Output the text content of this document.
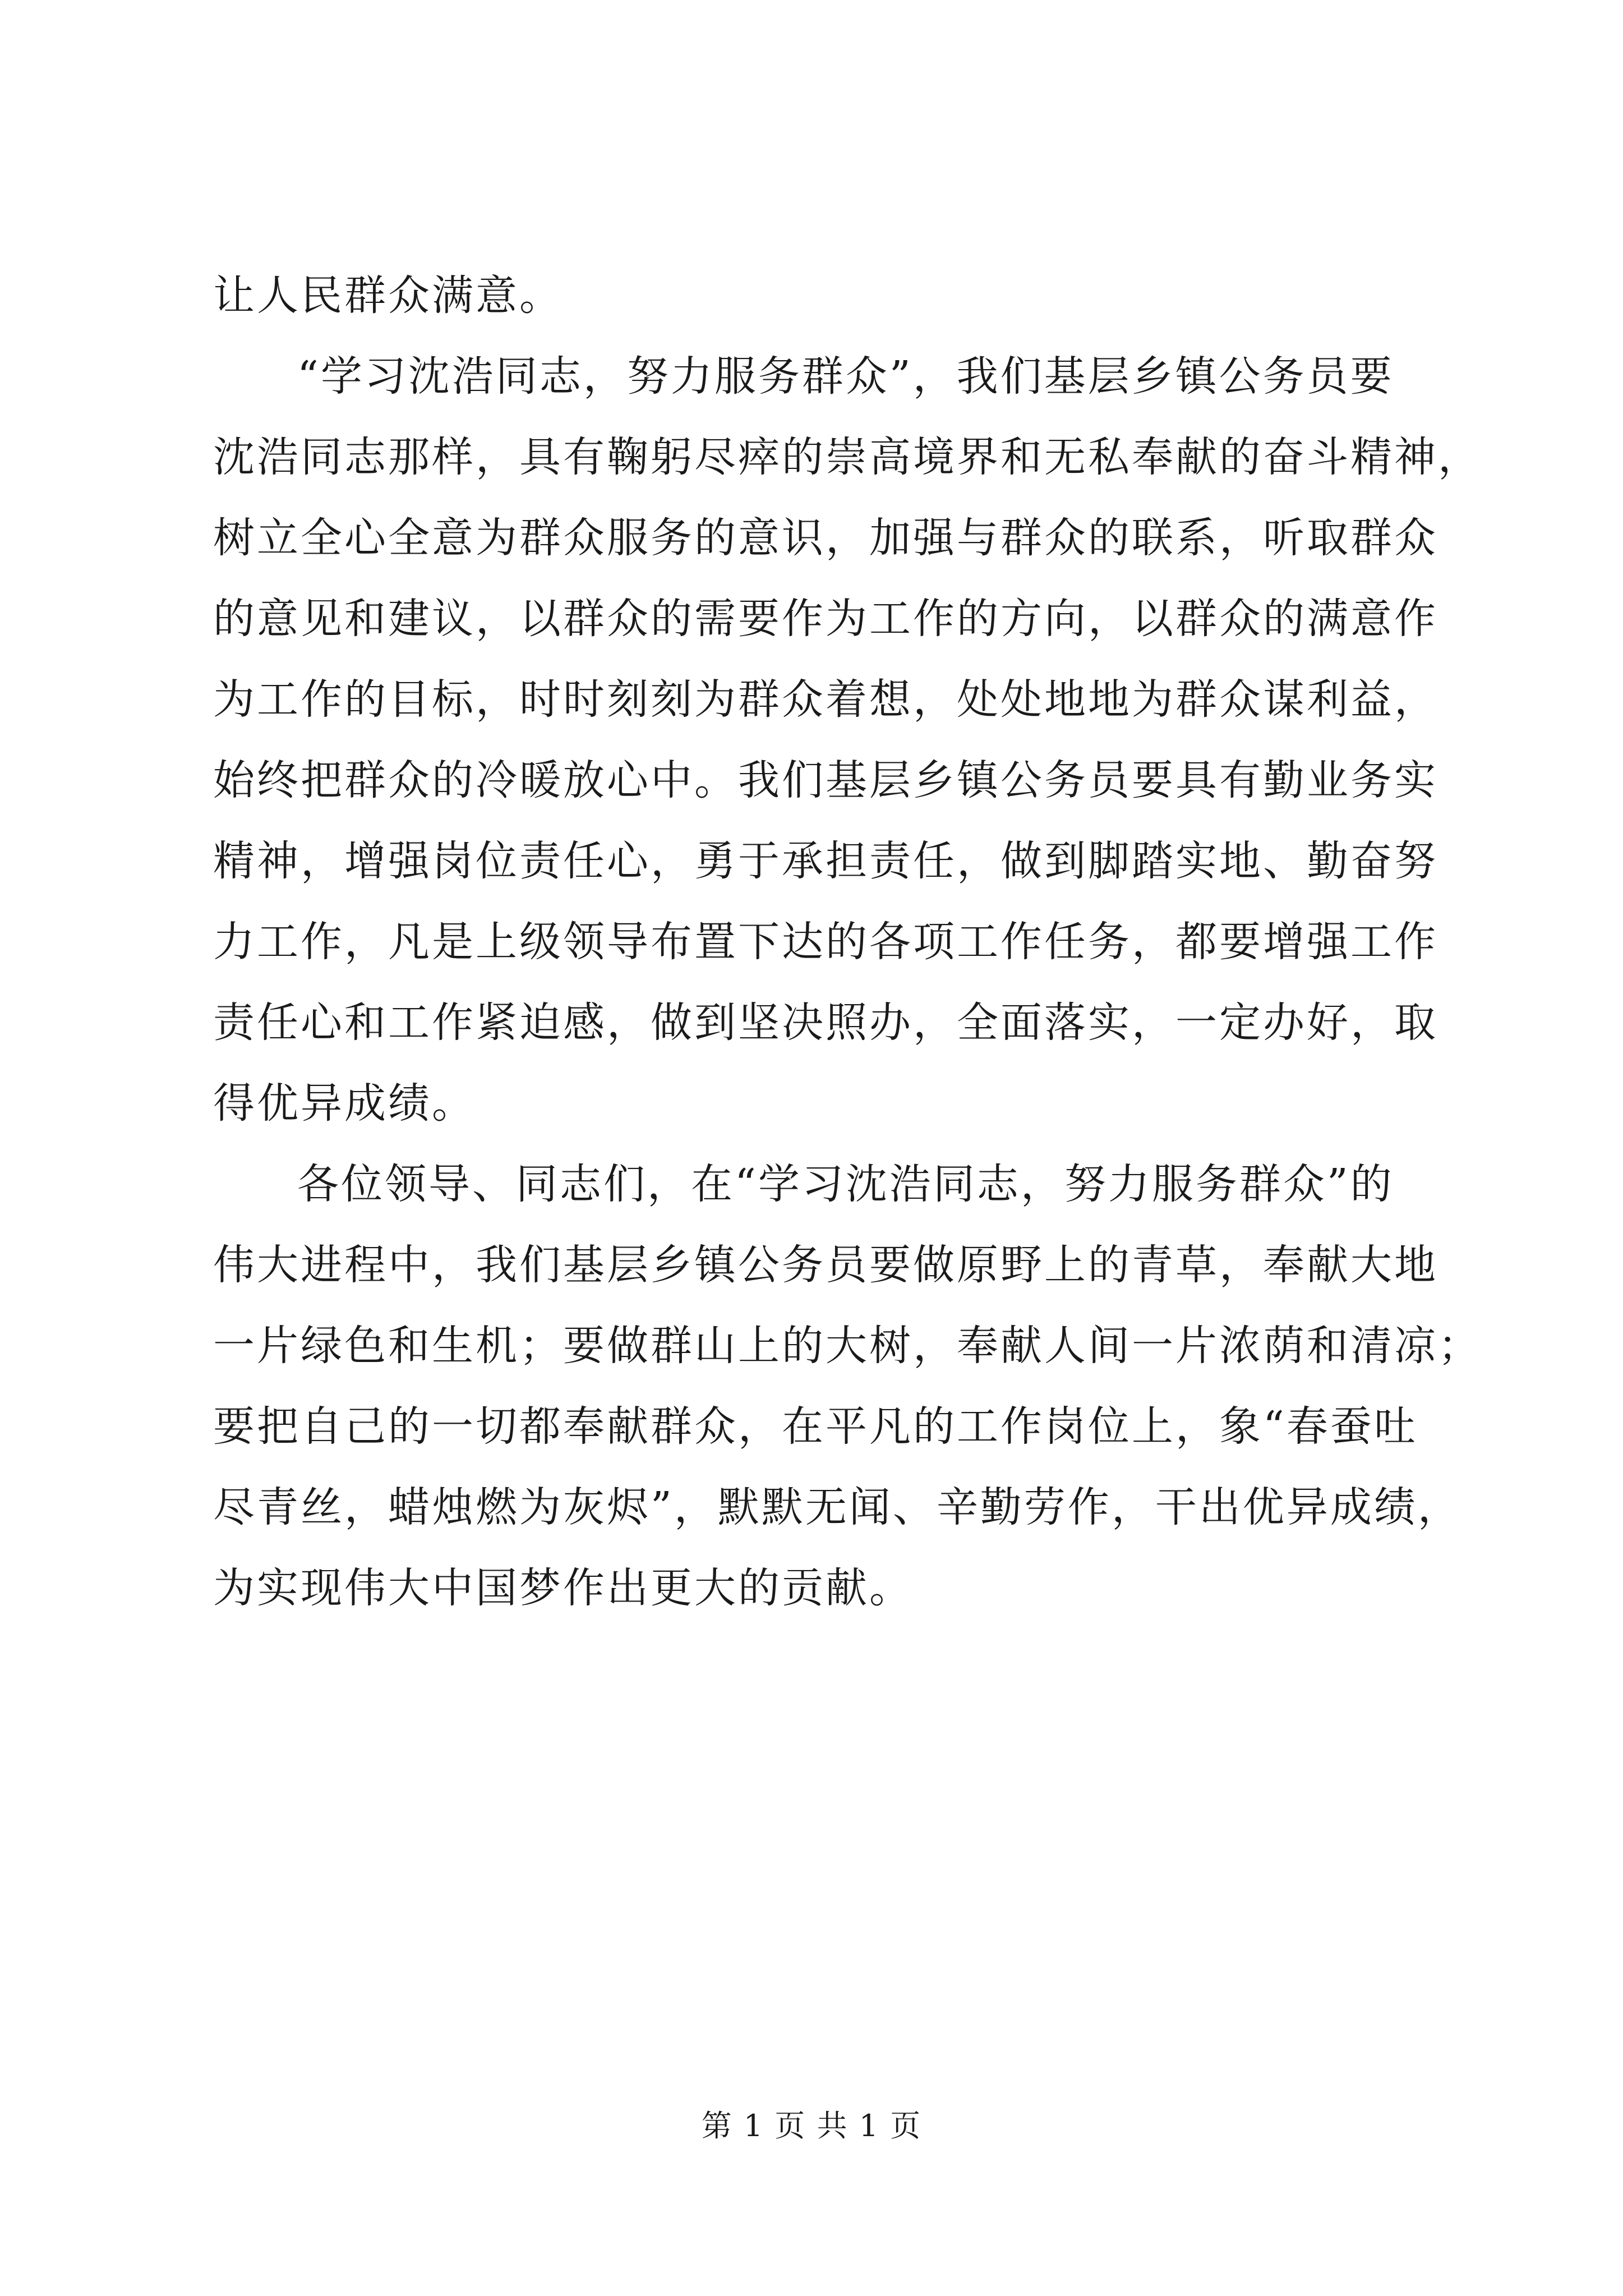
让人民群众满意。
“学习沈浩同志，努力服务群众”，我们基层乡镇公务员要
沈浩同志那样，具有鞠躬尽瘁的崇高境界和无私奉献的奋斗精神，
树立全心全意为群众服务的意识，加强与群众的联系，听取群众
的意见和建议，以群众的需要作为工作的方向，以群众的满意作
为工作的目标，时时刻刻为群众着想，处处地地为群众谋利益，
始终把群众的冷暖放心中。我们基层乡镇公务员要具有勤业务实
精神，增强岗位责任心，勇于承担责任，做到脚踏实地、勤奋努
力工作，凡是上级领导布置下达的各项工作任务，都要增强工作
责任心和工作紧迫感，做到坚决照办，全面落实，一定办好，取
得优异成绩。
各位领导、同志们，在“学习沈浩同志，努力服务群众”的
伟大进程中，我们基层乡镇公务员要做原野上的青草，奉献大地
一片绿色和生机；要做群山上的大树，奉献人间一片浓荫和清凉；
要把自己的一切都奉献群众，在平凡的工作岗位上，象“春蚕吐
尽青丝，蜡烛燃为灰烬”，默默无闻、辛勤劳作，干出优异成绩，
为实现伟大中国梦作出更大的贡献。
第 1 页 共 1 页
